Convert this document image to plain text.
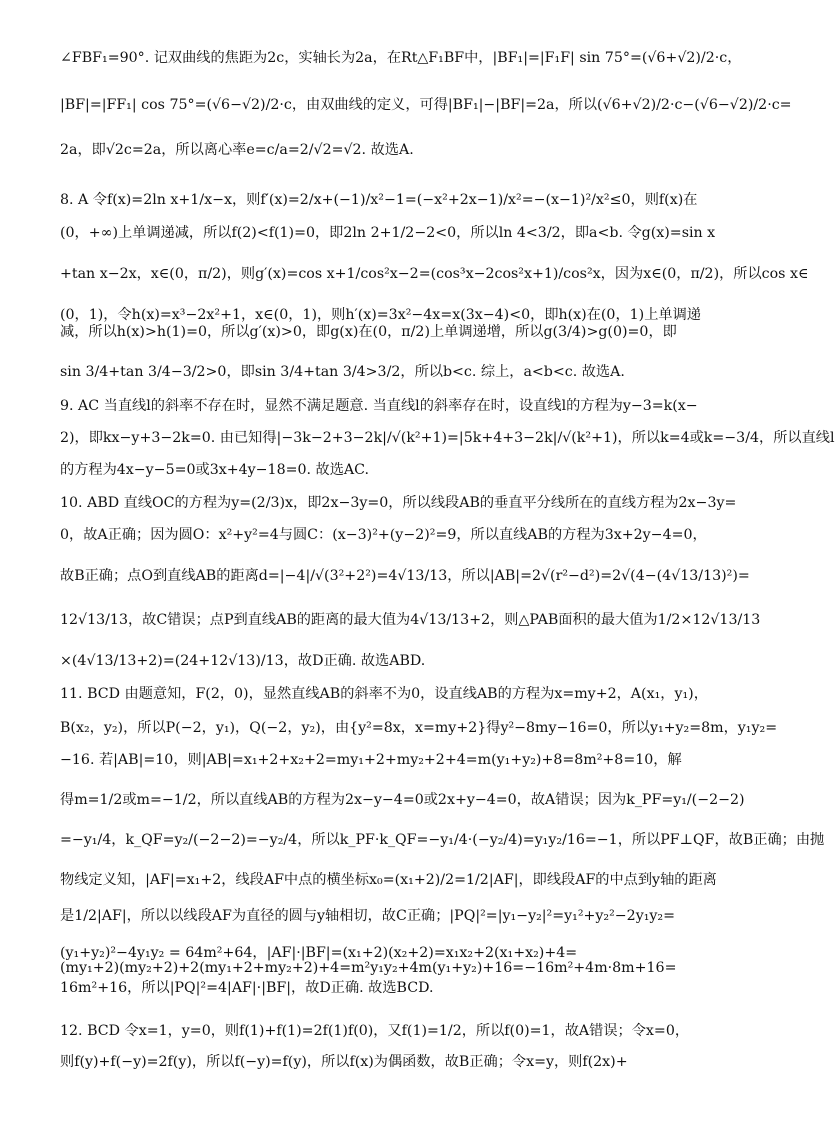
∠FBF₁=90°. 记双曲线的焦距为2c，实轴长为2a，在Rt△F₁BF中，|BF₁|=|F₁F| sin 75°=(√6+√2)/2·c，
|BF|=|FF₁| cos 75°=(√6−√2)/2·c，由双曲线的定义，可得|BF₁|−|BF|=2a，所以(√6+√2)/2·c−(√6−√2)/2·c=
2a，即√2c=2a，所以离心率e=c/a=2/√2=√2. 故选A.
8. A 令f(x)=2ln x+1/x−x，则f′(x)=2/x+(−1)/x²−1=(−x²+2x−1)/x²=−(x−1)²/x²≤0，则f(x)在
(0，+∞)上单调递减，所以f(2)<f(1)=0，即2ln 2+1/2−2<0，所以ln 4<3/2，即a<b. 令g(x)=sin x
+tan x−2x，x∈(0，π/2)，则g′(x)=cos x+1/cos²x−2=(cos³x−2cos²x+1)/cos²x，因为x∈(0，π/2)，所以cos x∈
(0，1)，令h(x)=x³−2x²+1，x∈(0，1)，则h′(x)=3x²−4x=x(3x−4)<0，即h(x)在(0，1)上单调递
减，所以h(x)>h(1)=0，所以g′(x)>0，即g(x)在(0，π/2)上单调递增，所以g(3/4)>g(0)=0，即
sin 3/4+tan 3/4−3/2>0，即sin 3/4+tan 3/4>3/2，所以b<c. 综上，a<b<c. 故选A.
9. AC 当直线l的斜率不存在时，显然不满足题意. 当直线l的斜率存在时，设直线l的方程为y−3=k(x−
2)，即kx−y+3−2k=0. 由已知得|−3k−2+3−2k|/√(k²+1)=|5k+4+3−2k|/√(k²+1)，所以k=4或k=−3/4，所以直线l
的方程为4x−y−5=0或3x+4y−18=0. 故选AC.
10. ABD 直线OC的方程为y=(2/3)x，即2x−3y=0，所以线段AB的垂直平分线所在的直线方程为2x−3y=
0，故A正确；因为圆O：x²+y²=4与圆C：(x−3)²+(y−2)²=9，所以直线AB的方程为3x+2y−4=0，
故B正确；点O到直线AB的距离d=|−4|/√(3²+2²)=4√13/13，所以|AB|=2√(r²−d²)=2√(4−(4√13/13)²)=
12√13/13，故C错误；点P到直线AB的距离的最大值为4√13/13+2，则△PAB面积的最大值为1/2×12√13/13
×(4√13/13+2)=(24+12√13)/13，故D正确. 故选ABD.
11. BCD 由题意知，F(2，0)，显然直线AB的斜率不为0，设直线AB的方程为x=my+2，A(x₁，y₁)，
B(x₂，y₂)，所以P(−2，y₁)，Q(−2，y₂)，由{y²=8x，x=my+2}得y²−8my−16=0，所以y₁+y₂=8m，y₁y₂=
−16. 若|AB|=10，则|AB|=x₁+2+x₂+2=my₁+2+my₂+2+4=m(y₁+y₂)+8=8m²+8=10，解
得m=1/2或m=−1/2，所以直线AB的方程为2x−y−4=0或2x+y−4=0，故A错误；因为k_PF=y₁/(−2−2)
=−y₁/4，k_QF=y₂/(−2−2)=−y₂/4，所以k_PF·k_QF=−y₁/4·(−y₂/4)=y₁y₂/16=−1，所以PF⊥QF，故B正确；由抛
物线定义知，|AF|=x₁+2，线段AF中点的横坐标x₀=(x₁+2)/2=1/2|AF|，即线段AF的中点到y轴的距离
是1/2|AF|，所以以线段AF为直径的圆与y轴相切，故C正确；|PQ|²=|y₁−y₂|²=y₁²+y₂²−2y₁y₂=
(y₁+y₂)²−4y₁y₂ = 64m²+64，|AF|·|BF|=(x₁+2)(x₂+2)=x₁x₂+2(x₁+x₂)+4=
(my₁+2)(my₂+2)+2(my₁+2+my₂+2)+4=m²y₁y₂+4m(y₁+y₂)+16=−16m²+4m·8m+16=
16m²+16，所以|PQ|²=4|AF|·|BF|，故D正确. 故选BCD.
12. BCD 令x=1，y=0，则f(1)+f(1)=2f(1)f(0)，又f(1)=1/2，所以f(0)=1，故A错误；令x=0，
则f(y)+f(−y)=2f(y)，所以f(−y)=f(y)，所以f(x)为偶函数，故B正确；令x=y，则f(2x)+
